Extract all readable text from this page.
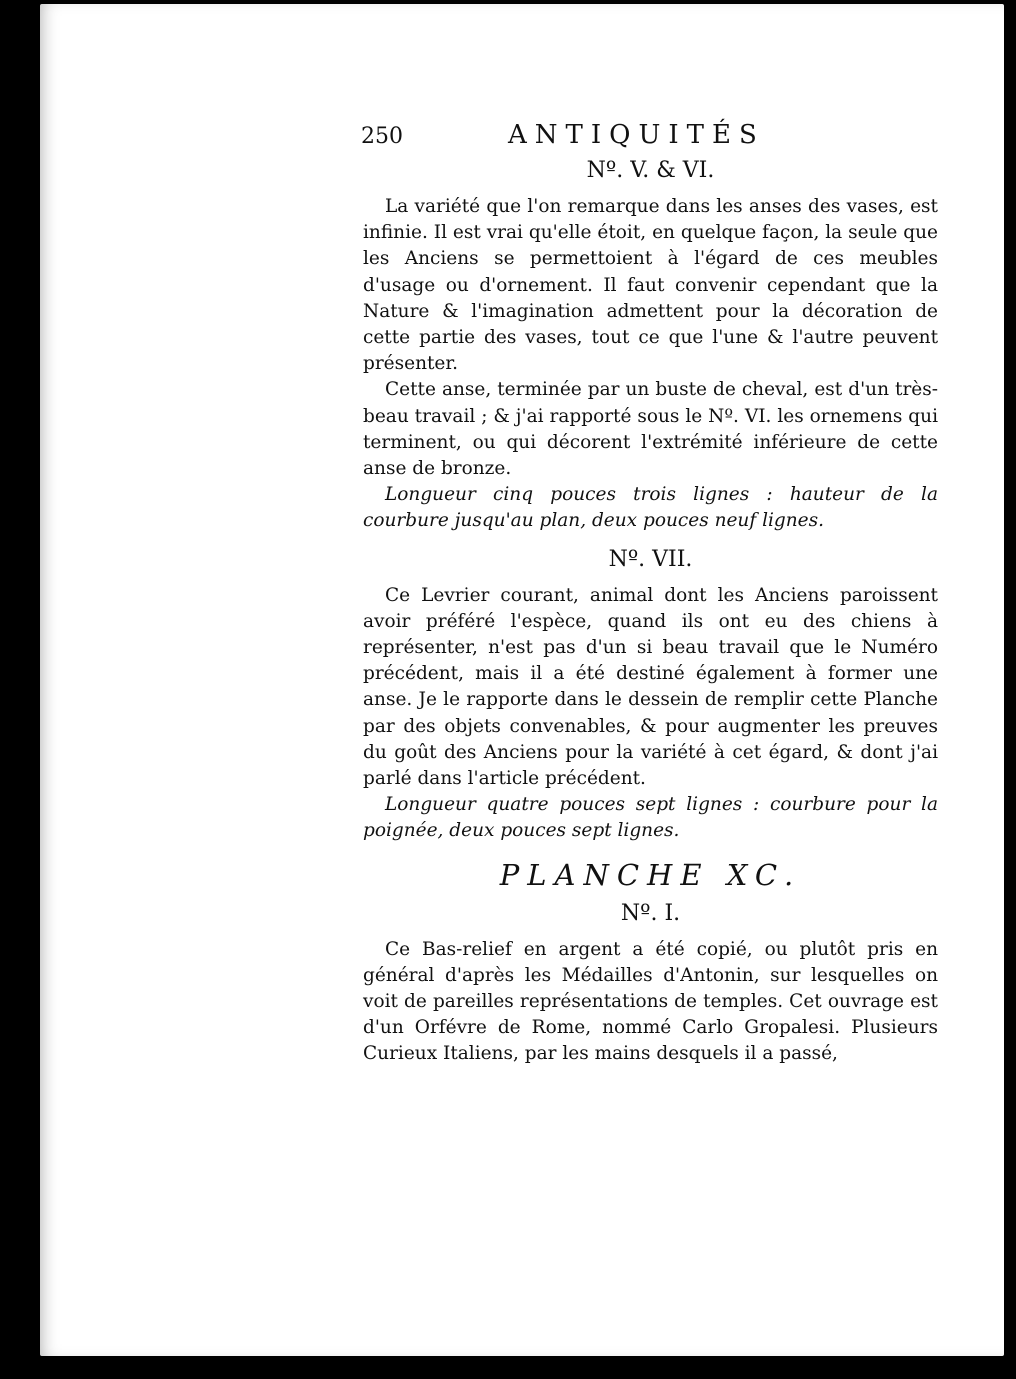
250	ANTIQUITÉS
Nº. V. & VI.

La variété que l'on remarque dans les anses des vases, est infinie. Il est vrai qu'elle étoit, en quelque façon, la seule que les Anciens se permettoient à l'égard de ces meubles d'usage ou d'ornement. Il faut convenir cependant que la Nature & l'imagination admettent pour la décoration de cette partie des vases, tout ce que l'une & l'autre peuvent présenter.

Cette anse, terminée par un buste de cheval, est d'un très-beau travail ; & j'ai rapporté sous le Nº. VI. les ornemens qui terminent, ou qui décorent l'extrémité inférieure de cette anse de bronze.

Longueur cinq pouces trois lignes : hauteur de la courbure jusqu'au plan, deux pouces neuf lignes.

Nº. VII.

Ce Levrier courant, animal dont les Anciens paroissent avoir préféré l'espèce, quand ils ont eu des chiens à représenter, n'est pas d'un si beau travail que le Numéro précédent, mais il a été destiné également à former une anse. Je le rapporte dans le dessein de remplir cette Planche par des objets convenables, & pour augmenter les preuves du goût des Anciens pour la variété à cet égard, & dont j'ai parlé dans l'article précédent.

Longueur quatre pouces sept lignes : courbure pour la poignée, deux pouces sept lignes.

PLANCHE XC.
Nº. I.

Ce Bas-relief en argent a été copié, ou plutôt pris en général d'après les Médailles d'Antonin, sur lesquelles on voit de pareilles représentations de temples. Cet ouvrage est d'un Orfévre de Rome, nommé Carlo Gropalesi. Plusieurs Curieux Italiens, par les mains desquels il a passé,
